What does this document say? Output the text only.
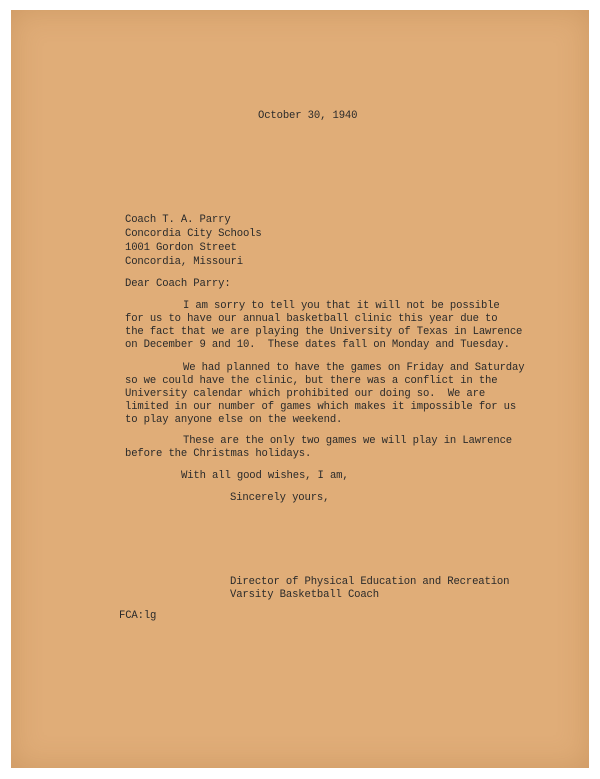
October 30, 1940

Coach T. A. Parry

Concordia City Schools

1001 Gordon Street

Concordia, Missouri

Dear Coach Parry:

I am sorry to tell you that it will not be possible

for us to have our annual basketball clinic this year due to

the fact that we are playing the University of Texas in Lawrence

on December 9 and 10.  These dates fall on Monday and Tuesday.

We had planned to have the games on Friday and Saturday

so we could have the clinic, but there was a conflict in the

University calendar which prohibited our doing so.  We are

limited in our number of games which makes it impossible for us

to play anyone else on the weekend.

These are the only two games we will play in Lawrence

before the Christmas holidays.

With all good wishes, I am,

Sincerely yours,

Director of Physical Education and Recreation

Varsity Basketball Coach

FCA:lg
